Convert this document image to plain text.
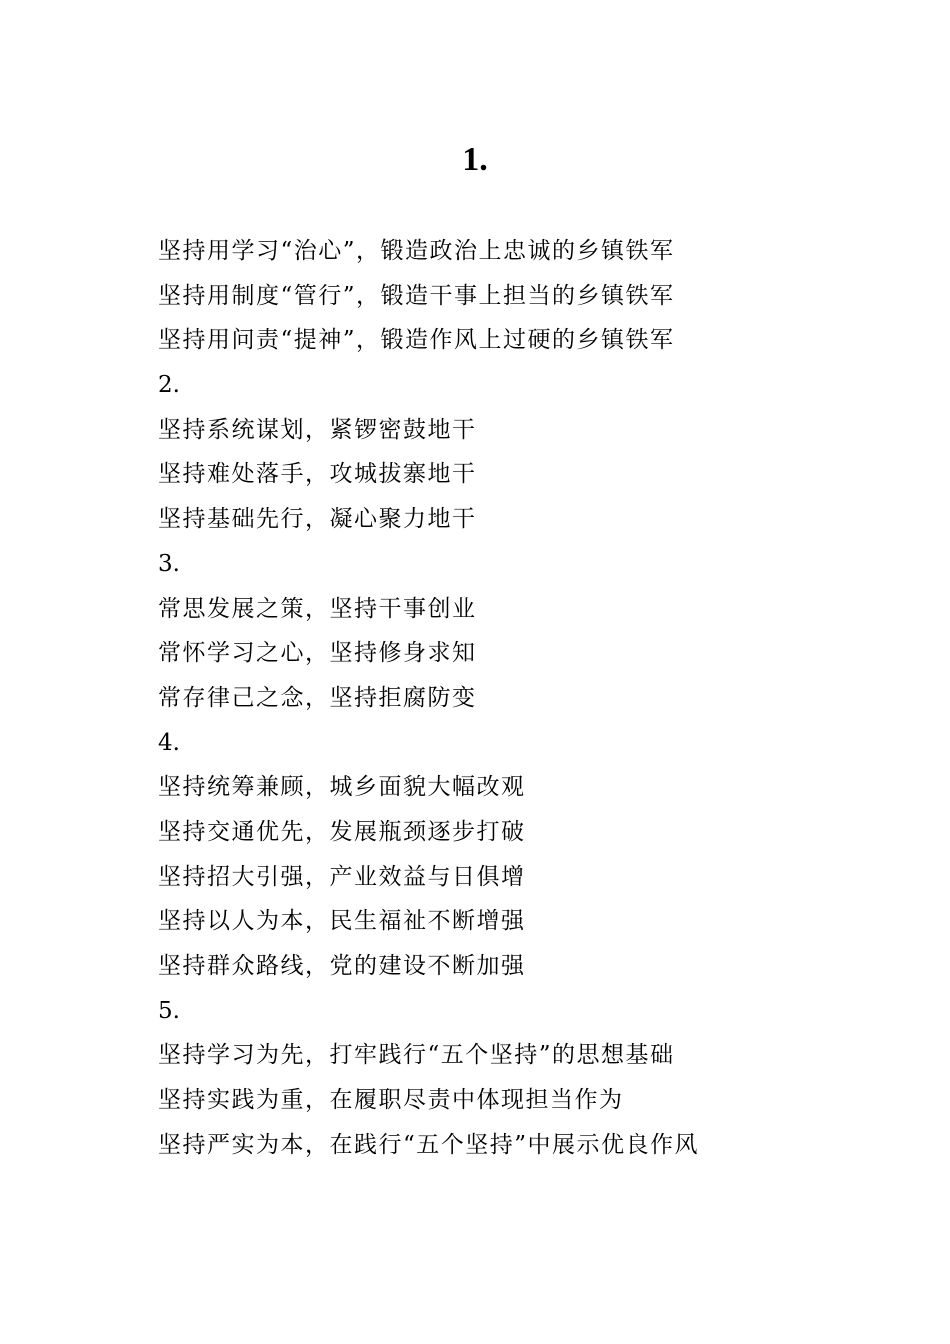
1.
坚持用学习“治心”，锻造政治上忠诚的乡镇铁军
坚持用制度“管行”，锻造干事上担当的乡镇铁军
坚持用问责“提神”，锻造作风上过硬的乡镇铁军
2.
坚持系统谋划，紧锣密鼓地干
坚持难处落手，攻城拔寨地干
坚持基础先行，凝心聚力地干
3.
常思发展之策，坚持干事创业
常怀学习之心，坚持修身求知
常存律己之念，坚持拒腐防变
4.
坚持统筹兼顾，城乡面貌大幅改观
坚持交通优先，发展瓶颈逐步打破
坚持招大引强，产业效益与日俱增
坚持以人为本，民生福祉不断增强
坚持群众路线，党的建设不断加强
5.
坚持学习为先，打牢践行“五个坚持”的思想基础
坚持实践为重，在履职尽责中体现担当作为
坚持严实为本，在践行“五个坚持”中展示优良作风
